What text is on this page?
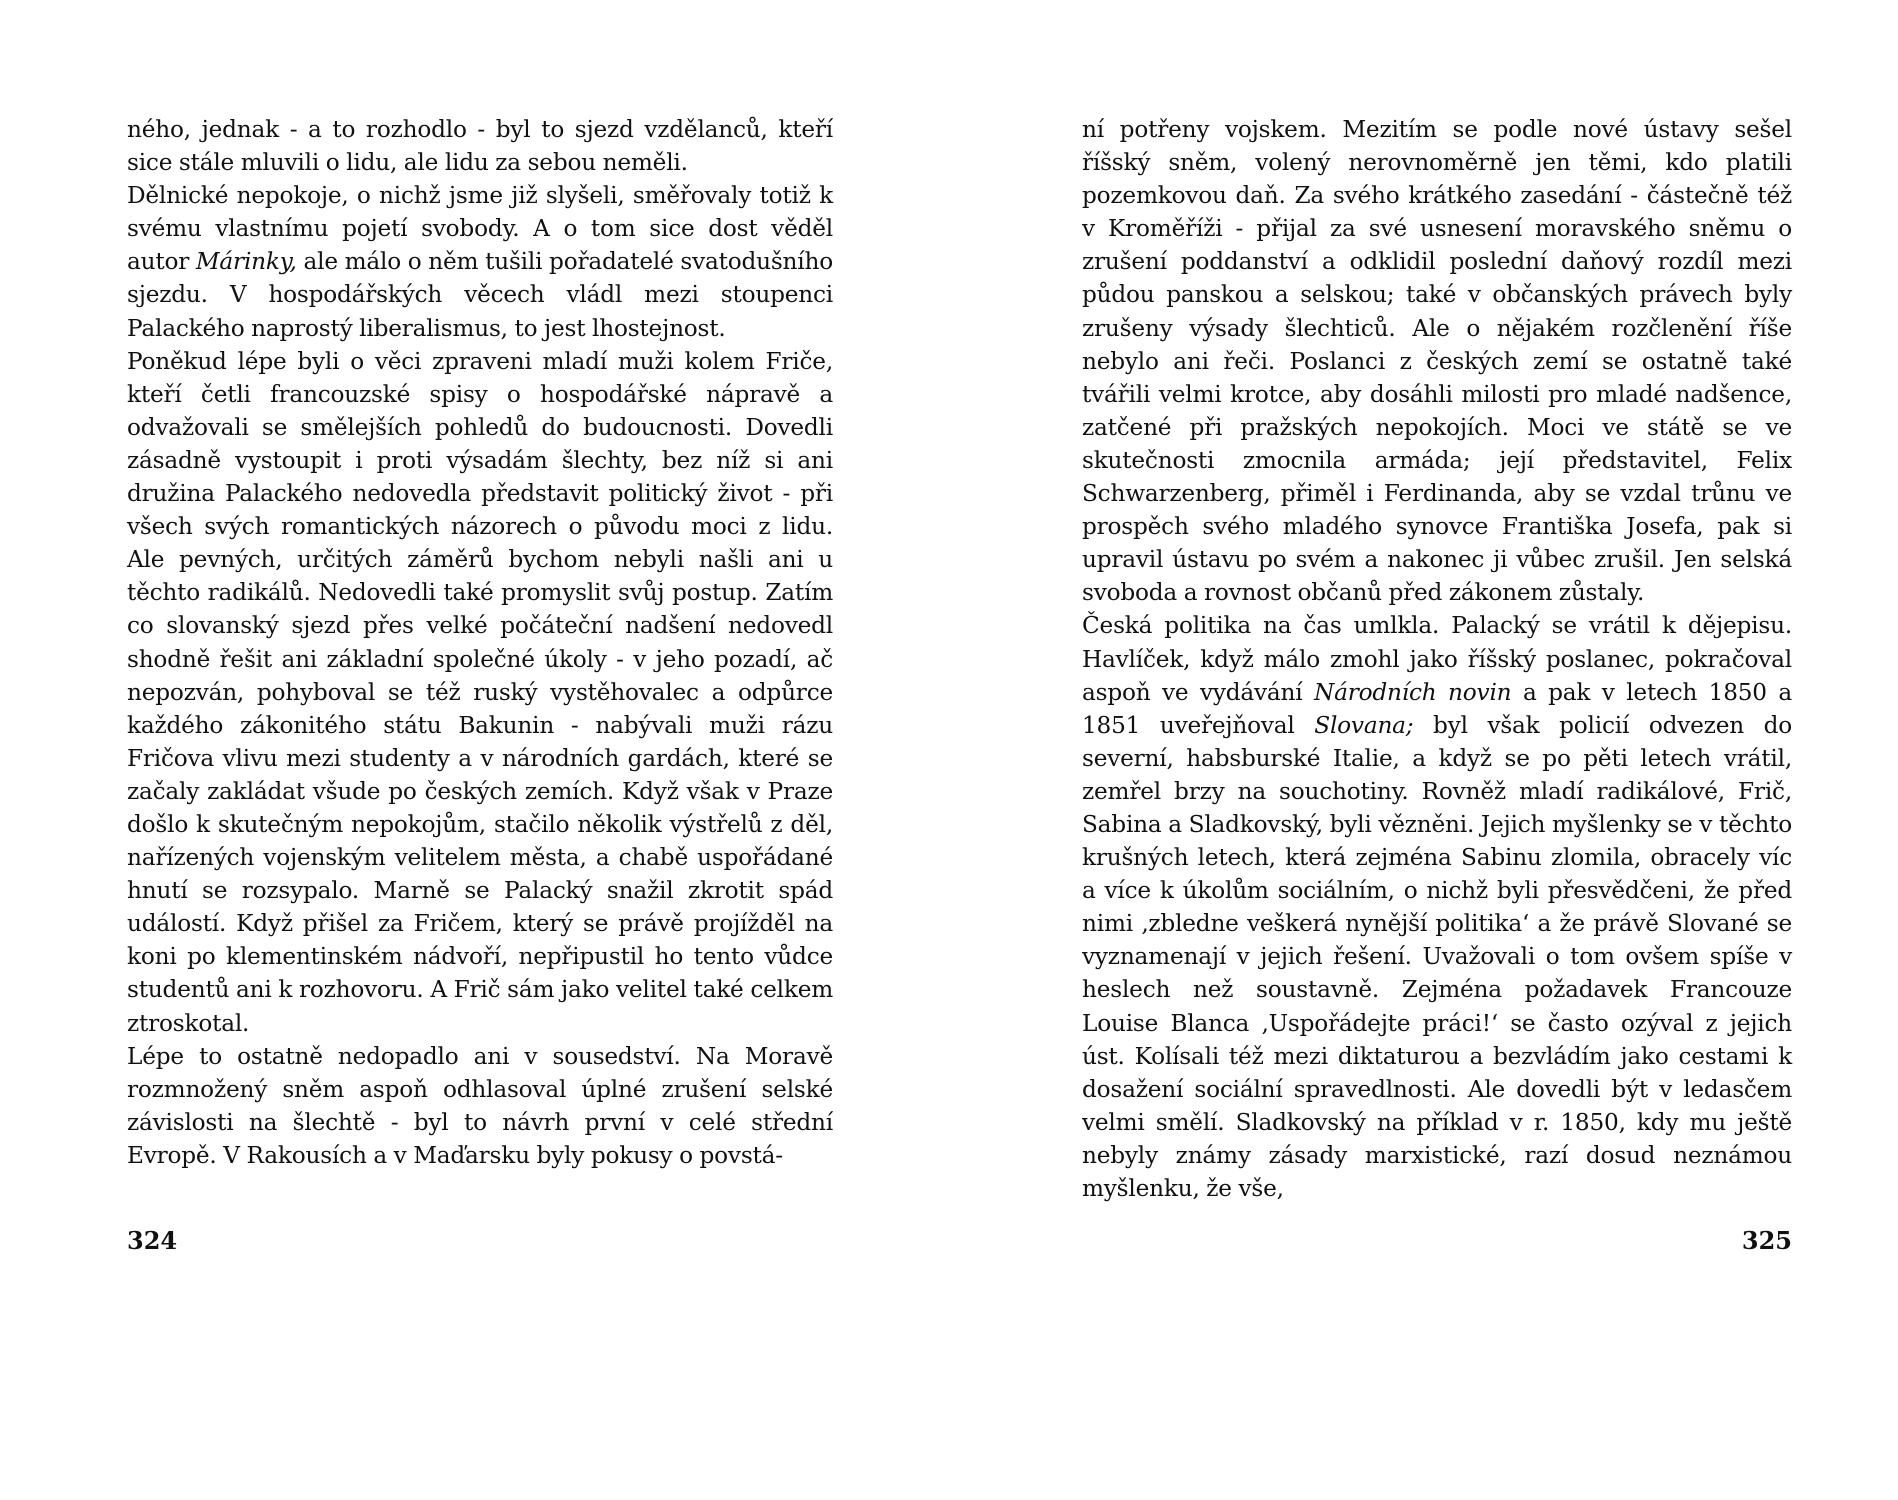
ného, jednak - a to rozhodlo - byl to sjezd vzdělanců, kteří sice stále mluvili o lidu, ale lidu za sebou neměli.

Dělnické nepokoje, o nichž jsme již slyšeli, směřovaly totiž k svému vlastnímu pojetí svobody. A o tom sice dost věděl autor Márinky, ale málo o něm tušili pořadatelé svatodušního sjezdu. V hospodářských věcech vládl mezi stoupenci Palackého naprostý liberalismus, to jest lhostejnost.

Poněkud lépe byli o věci zpraveni mladí muži kolem Friče, kteří četli francouzské spisy o hospodářské nápravě a odvažovali se smělejších pohledů do budoucnosti. Dovedli zásadně vystoupit i proti výsadám šlechty, bez níž si ani družina Palackého nedovedla představit politický život - při všech svých romantických názorech o původu moci z lidu. Ale pevných, určitých záměrů bychom nebyli našli ani u těchto radikálů. Nedovedli také promyslit svůj postup. Zatím co slovanský sjezd přes velké počáteční nadšení nedovedl shodně řešit ani základní společné úkoly - v jeho pozadí, ač nepozván, pohyboval se též ruský vystěhovalec a odpůrce každého zákonitého státu Bakunin - nabývali muži rázu Fričova vlivu mezi studenty a v národních gardách, které se začaly zakládat všude po českých zemích. Když však v Praze došlo k skutečným nepokojům, stačilo několik výstřelů z děl, nařízených vojenským velitelem města, a chabě uspořádané hnutí se rozsypalo. Marně se Palacký snažil zkrotit spád událostí. Když přišel za Fričem, který se právě projížděl na koni po klementinském nádvoří, nepřipustil ho tento vůdce studentů ani k rozhovoru. A Frič sám jako velitel také celkem ztroskotal.

Lépe to ostatně nedopadlo ani v sousedství. Na Moravě rozmnožený sněm aspoň odhlasoval úplné zrušení selské závislosti na šlechtě - byl to návrh první v celé střední Evropě. V Rakousích a v Maďarsku byly pokusy o povstá-

324

ní potřeny vojskem. Mezitím se podle nové ústavy sešel říšský sněm, volený nerovnoměrně jen těmi, kdo platili pozemkovou daň. Za svého krátkého zasedání - částečně též v Kroměříži - přijal za své usnesení moravského sněmu o zrušení poddanství a odklidil poslední daňový rozdíl mezi půdou panskou a selskou; také v občanských právech byly zrušeny výsady šlechticů. Ale o nějakém rozčlenění říše nebylo ani řeči. Poslanci z českých zemí se ostatně také tvářili velmi krotce, aby dosáhli milosti pro mladé nadšence, zatčené při pražských nepokojích. Moci ve státě se ve skutečnosti zmocnila armáda; její představitel, Felix Schwarzenberg, přiměl i Ferdinanda, aby se vzdal trůnu ve prospěch svého mladého synovce Františka Josefa, pak si upravil ústavu po svém a nakonec ji vůbec zrušil. Jen selská svoboda a rovnost občanů před zákonem zůstaly.

Česká politika na čas umlkla. Palacký se vrátil k dějepisu. Havlíček, když málo zmohl jako říšský poslanec, pokračoval aspoň ve vydávání Národních novin a pak v letech 1850 a 1851 uveřejňoval Slovana; byl však policií odvezen do severní, habsburské Italie, a když se po pěti letech vrátil, zemřel brzy na souchotiny. Rovněž mladí radikálové, Frič, Sabina a Sladkovský, byli vězněni. Jejich myšlenky se v těchto krušných letech, která zejména Sabinu zlomila, obracely víc a více k úkolům sociálním, o nichž byli přesvědčeni, že před nimi ‚zbledne veškerá nynější politika‘ a že právě Slované se vyznamenají v jejich řešení. Uvažovali o tom ovšem spíše v heslech než soustavně. Zejména požadavek Francouze Louise Blanca ‚Uspořádejte práci!‘ se často ozýval z jejich úst. Kolísali též mezi diktaturou a bezvládím jako cestami k dosažení sociální spravedlnosti. Ale dovedli být v ledasčem velmi smělí. Sladkovský na příklad v r. 1850, kdy mu ještě nebyly známy zásady marxistické, razí dosud neznámou myšlenku, že vše,

325
